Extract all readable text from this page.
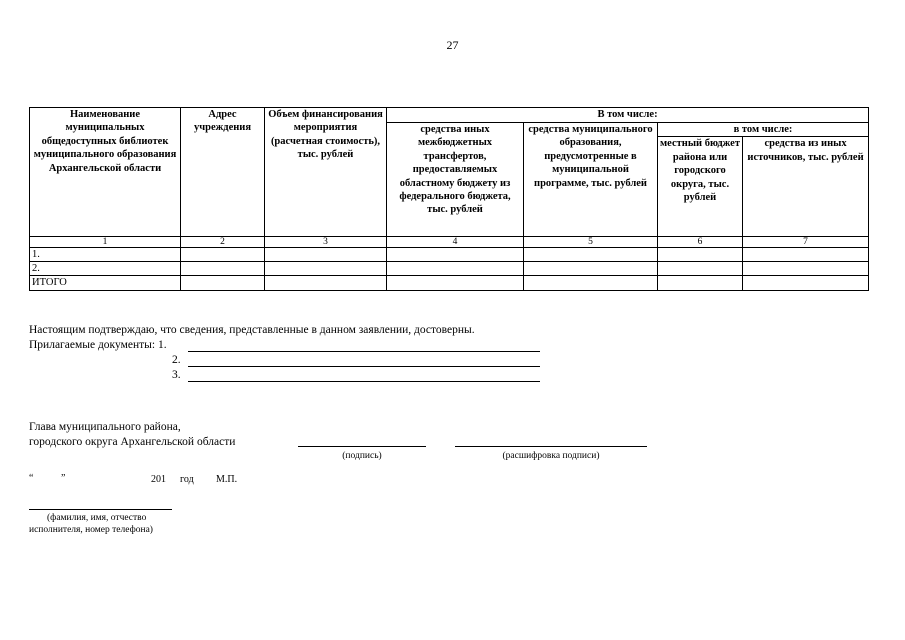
27
Наименование муниципальных общедоступных библиотек муниципального образования Архангельской области	Адрес учреждения	Объем финансирования мероприятия (расчетная стоимость), тыс. рублей	В том числе:			
			средства иных межбюджетных трансфертов, предоставляемых областному бюджету из федерального бюджета, тыс. рублей	средства муниципального образования, предусмотренные в муниципальной программе, тыс. рублей	в том числе:	
					местный бюджет района или городского округа, тыс. рублей	средства из иных источников, тыс. рублей
1	2	3	4	5	6	7
1.						
2.						
ИТОГО						
Настоящим подтверждаю, что сведения, представленные в данном заявлении, достоверны.
Прилагаемые документы: 1.
2.
3.
Глава муниципального района,
городского округа Архангельской области
(подпись)	(расшифровка подписи)
“	”	201 год М.П.
(фамилия, имя, отчество
исполнителя, номер телефона)
